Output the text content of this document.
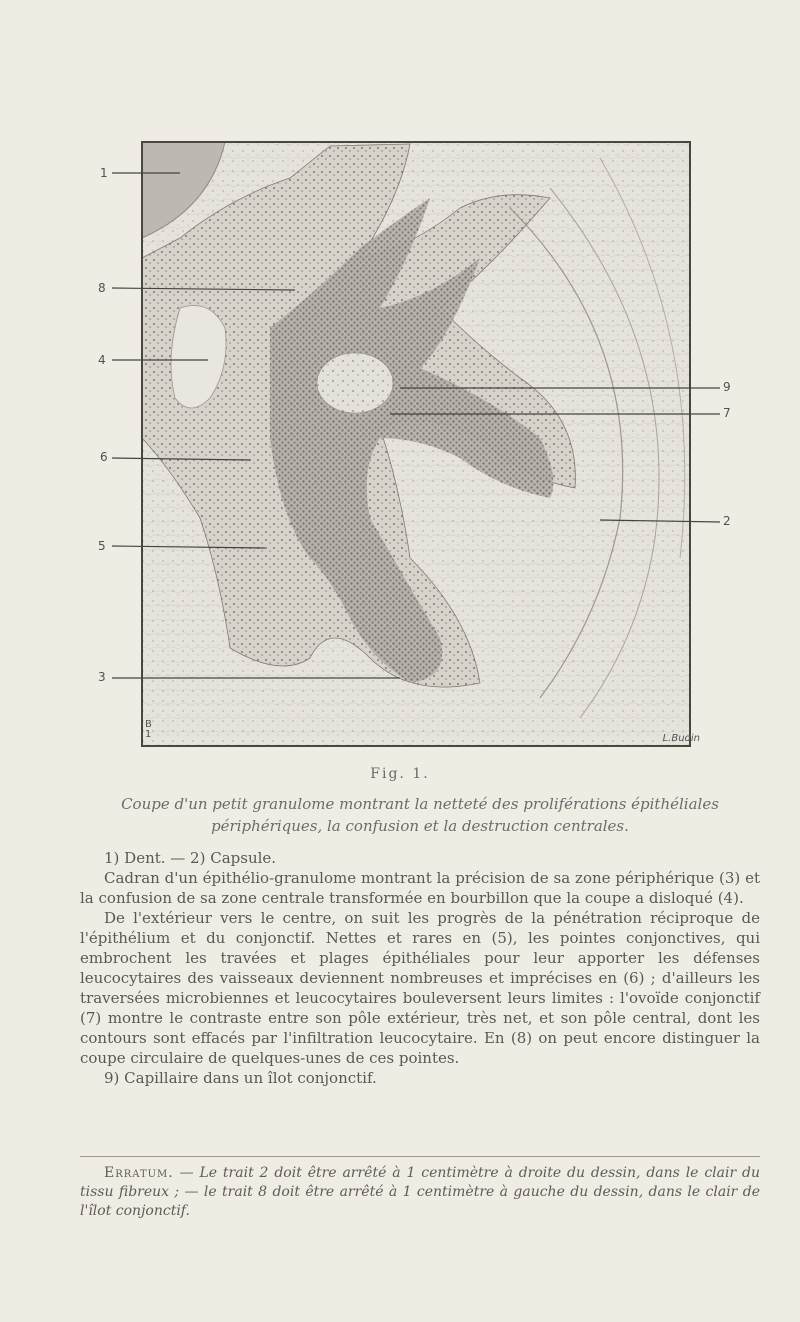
1
8
4
6
5
3
9
7
2
B
1	L.Budin
Fig. 1.
Coupe d'un petit granulome montrant la netteté des proliférations épithéliales
périphériques, la confusion et la destruction centrales.

1) Dent. — 2) Capsule.

Cadran d'un épithélio-granulome montrant la précision de sa zone périphérique (3) et la confusion de sa zone centrale transformée en bourbillon que la coupe a disloqué (4).

De l'extérieur vers le centre, on suit les progrès de la pénétration réciproque de l'épithélium et du conjonctif. Nettes et rares en (5), les pointes conjonctives, qui embrochent les travées et plages épithéliales pour leur apporter les défenses leucocytaires des vaisseaux deviennent nombreuses et imprécises en (6) ; d'ailleurs les traversées microbiennes et leucocytaires bouleversent leurs limites : l'ovoïde conjonctif (7) montre le contraste entre son pôle extérieur, très net, et son pôle central, dont les contours sont effacés par l'infiltration leucocytaire. En (8) on peut encore distinguer la coupe circulaire de quelques-unes de ces pointes.

9) Capillaire dans un îlot conjonctif.

Erratum. — Le trait 2 doit être arrêté à 1 centimètre à droite du dessin, dans le clair du tissu fibreux ; — le trait 8 doit être arrêté à 1 centimètre à gauche du dessin, dans le clair de l'îlot conjonctif.
